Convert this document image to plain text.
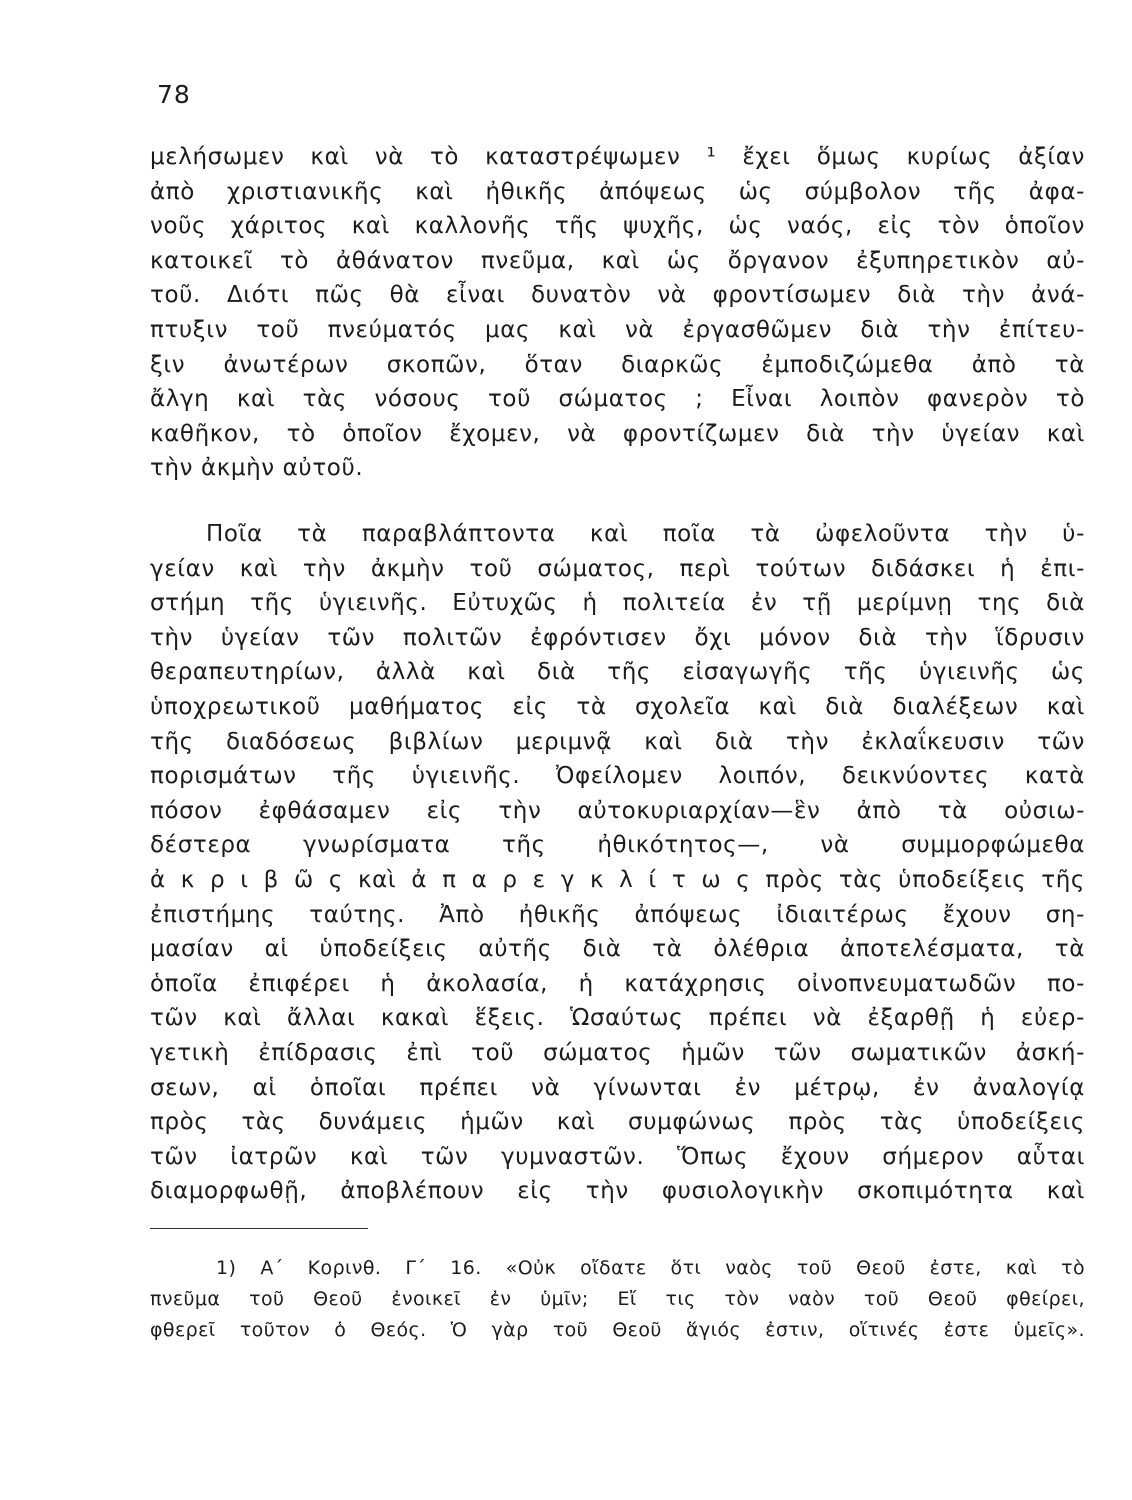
78
μελήσωμεν καὶ νὰ τὸ καταστρέψωμεν ¹ ἔχει ὅμως κυρίως ἀξίαν
ἀπὸ χριστιανικῆς καὶ ἠθικῆς ἀπόψεως ὡς σύμβολον τῆς ἀφα-
νοῦς χάριτος καὶ καλλονῆς τῆς ψυχῆς, ὡς ναός, εἰς τὸν ὁποῖον
κατοικεῖ τὸ ἀθάνατον πνεῦμα, καὶ ὡς ὄργανον ἐξυπηρετικὸν αὐ-
τοῦ. Διότι πῶς θὰ εἶναι δυνατὸν νὰ φροντίσωμεν διὰ τὴν ἀνά-
πτυξιν τοῦ πνεύματός μας καὶ νὰ ἐργασθῶμεν διὰ τὴν ἐπίτευ-
ξιν ἀνωτέρων σκοπῶν, ὅταν διαρκῶς ἐμποδιζώμεθα ἀπὸ τὰ
ἄλγη καὶ τὰς νόσους τοῦ σώματος ; Εἶναι λοιπὸν φανερὸν τὸ
καθῆκον, τὸ ὁποῖον ἔχομεν, νὰ φροντίζωμεν διὰ τὴν ὑγείαν καὶ
τὴν ἀκμὴν αὐτοῦ.
Ποῖα τὰ παραβλάπτοντα καὶ ποῖα τὰ ὠφελοῦντα τὴν ὑ-
γείαν καὶ τὴν ἀκμὴν τοῦ σώματος, περὶ τούτων διδάσκει ἡ ἐπι-
στήμη τῆς ὑγιεινῆς. Εὐτυχῶς ἡ πολιτεία ἐν τῇ μερίμνῃ της διὰ
τὴν ὑγείαν τῶν πολιτῶν ἐφρόντισεν ὄχι μόνον διὰ τὴν ἵδρυσιν
θεραπευτηρίων, ἀλλὰ καὶ διὰ τῆς εἰσαγωγῆς τῆς ὑγιεινῆς ὡς
ὑποχρεωτικοῦ μαθήματος εἰς τὰ σχολεῖα καὶ διὰ διαλέξεων καὶ
τῆς διαδόσεως βιβλίων μεριμνᾷ καὶ διὰ τὴν ἐκλαΐκευσιν τῶν
πορισμάτων τῆς ὑγιεινῆς. Ὀφείλομεν λοιπόν, δεικνύοντες κατὰ
πόσον ἐφθάσαμεν εἰς τὴν αὐτοκυριαρχίαν—ἓν ἀπὸ τὰ οὐσιω-
δέστερα γνωρίσματα τῆς ἠθικότητος—, νὰ συμμορφώμεθα
ἀ κ ρ ι β ῶ ς καὶ ἀ π α ρ ε γ κ λ ί τ ω ς πρὸς τὰς ὑποδείξεις τῆς
ἐπιστήμης ταύτης. Ἀπὸ ἠθικῆς ἀπόψεως ἰδιαιτέρως ἔχουν ση-
μασίαν αἱ ὑποδείξεις αὐτῆς διὰ τὰ ὀλέθρια ἀποτελέσματα, τὰ
ὁποῖα ἐπιφέρει ἡ ἀκολασία, ἡ κατάχρησις οἰνοπνευματωδῶν πο-
τῶν καὶ ἄλλαι κακαὶ ἕξεις. Ὡσαύτως πρέπει νὰ ἐξαρθῇ ἡ εὐερ-
γετικὴ ἐπίδρασις ἐπὶ τοῦ σώματος ἡμῶν τῶν σωματικῶν ἀσκή-
σεων, αἱ ὁποῖαι πρέπει νὰ γίνωνται ἐν μέτρῳ, ἐν ἀναλογίᾳ
πρὸς τὰς δυνάμεις ἡμῶν καὶ συμφώνως πρὸς τὰς ὑποδείξεις
τῶν ἰατρῶν καὶ τῶν γυμναστῶν. Ὅπως ἔχουν σήμερον αὗται
διαμορφωθῇ, ἀποβλέπουν εἰς τὴν φυσιολογικὴν σκοπιμότητα καὶ
1) Α΄ Κορινθ. Γ΄ 16. «Οὐκ οἴδατε ὅτι ναὸς τοῦ Θεοῦ ἐστε, καὶ τὸ
πνεῦμα τοῦ Θεοῦ ἐνοικεῖ ἐν ὑμῖν; Εἴ τις τὸν ναὸν τοῦ Θεοῦ φθείρει,
φθερεῖ τοῦτον ὁ Θεός. Ὁ γὰρ τοῦ Θεοῦ ἅγιός ἐστιν, οἵτινές ἐστε ὑμεῖς».
